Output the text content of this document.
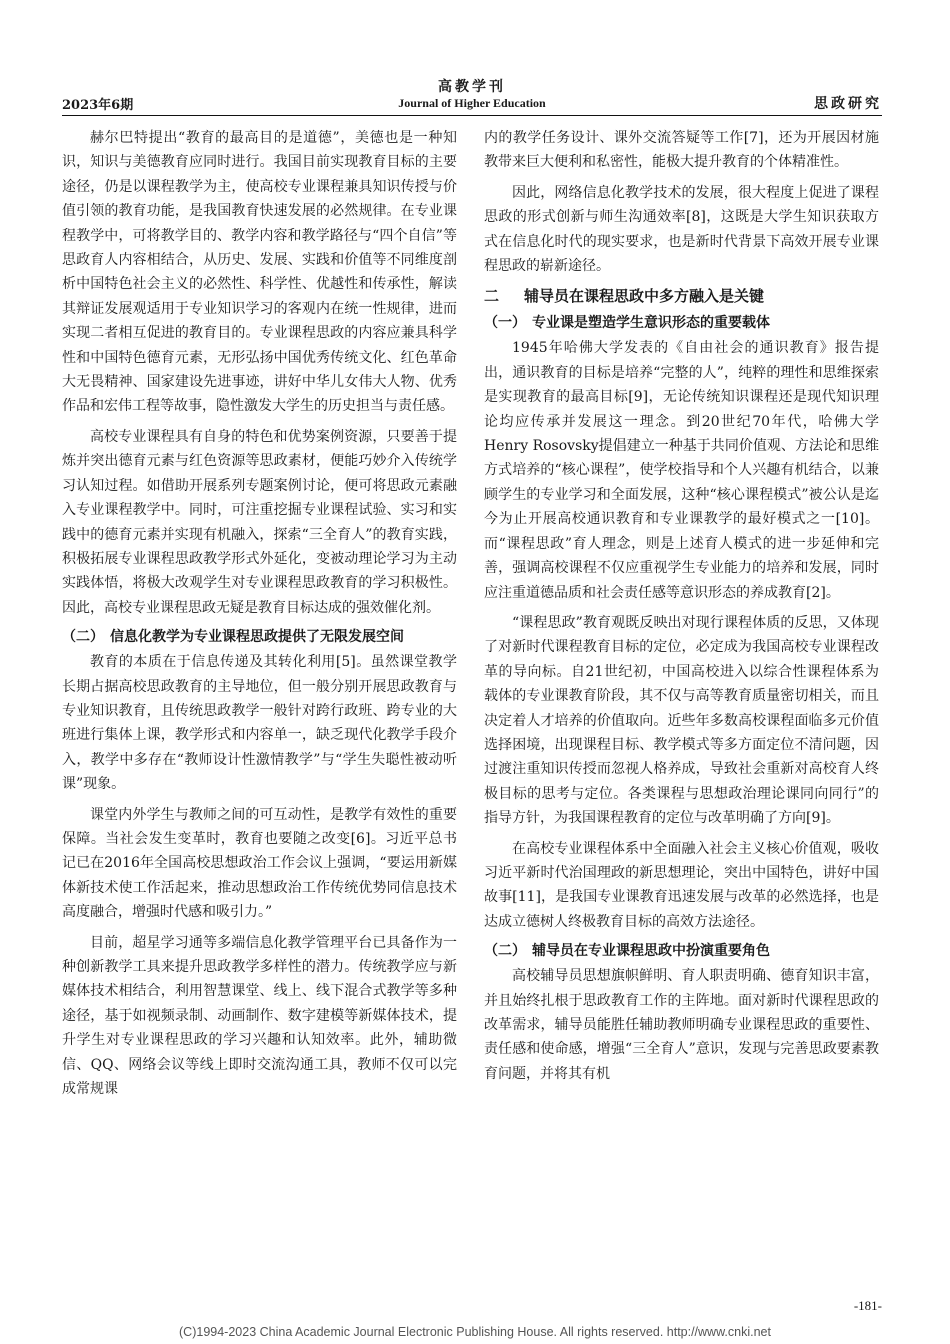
高教学刊
2023年6期	Journal of Higher Education	思政研究

赫尔巴特提出“教育的最高目的是道德”，美德也是一种知识，知识与美德教育应同时进行。我国目前实现教育目标的主要途径，仍是以课程教学为主，使高校专业课程兼具知识传授与价值引领的教育功能，是我国教育快速发展的必然规律。在专业课程教学中，可将教学目的、教学内容和教学路径与“四个自信”等思政育人内容相结合，从历史、发展、实践和价值等不同维度剖析中国特色社会主义的必然性、科学性、优越性和传承性，解读其辩证发展观适用于专业知识学习的客观内在统一性规律，进而实现二者相互促进的教育目的。专业课程思政的内容应兼具科学性和中国特色德育元素，无形弘扬中国优秀传统文化、红色革命大无畏精神、国家建设先进事迹，讲好中华儿女伟大人物、优秀作品和宏伟工程等故事，隐性激发大学生的历史担当与责任感。

高校专业课程具有自身的特色和优势案例资源，只要善于提炼并突出德育元素与红色资源等思政素材，便能巧妙介入传统学习认知过程。如借助开展系列专题案例讨论，便可将思政元素融入专业课程教学中。同时，可注重挖掘专业课程试验、实习和实践中的德育元素并实现有机融入，探索“三全育人”的教育实践，积极拓展专业课程思政教学形式外延化，变被动理论学习为主动实践体悟，将极大改观学生对专业课程思政教育的学习积极性。因此，高校专业课程思政无疑是教育目标达成的强效催化剂。

（二） 信息化教学为专业课程思政提供了无限发展空间

教育的本质在于信息传递及其转化利用[5]。虽然课堂教学长期占据高校思政教育的主导地位，但一般分别开展思政教育与专业知识教育，且传统思政教学一般针对跨行政班、跨专业的大班进行集体上课，教学形式和内容单一，缺乏现代化教学手段介入，教学中多存在“教师设计性激情教学”与“学生失聪性被动听课”现象。

课堂内外学生与教师之间的可互动性，是教学有效性的重要保障。当社会发生变革时，教育也要随之改变[6]。习近平总书记已在2016年全国高校思想政治工作会议上强调，“要运用新媒体新技术使工作活起来，推动思想政治工作传统优势同信息技术高度融合，增强时代感和吸引力。”

目前，超星学习通等多端信息化教学管理平台已具备作为一种创新教学工具来提升思政教学多样性的潜力。传统教学应与新媒体技术相结合，利用智慧课堂、线上、线下混合式教学等多种途径，基于如视频录制、动画制作、数字建模等新媒体技术，提升学生对专业课程思政的学习兴趣和认知效率。此外，辅助微信、QQ、网络会议等线上即时交流沟通工具，教师不仅可以完成常规课

内的教学任务设计、课外交流答疑等工作[7]，还为开展因材施教带来巨大便利和私密性，能极大提升教育的个体精准性。

因此，网络信息化教学技术的发展，很大程度上促进了课程思政的形式创新与师生沟通效率[8]，这既是大学生知识获取方式在信息化时代的现实要求，也是新时代背景下高效开展专业课程思政的崭新途径。

二 辅导员在课程思政中多方融入是关键
（一） 专业课是塑造学生意识形态的重要载体

1945年哈佛大学发表的《自由社会的通识教育》报告提出，通识教育的目标是培养“完整的人”，纯粹的理性和思维探索是实现教育的最高目标[9]，无论传统知识课程还是现代知识理论均应传承并发展这一理念。到20世纪70年代，哈佛大学Henry Rosovsky提倡建立一种基于共同价值观、方法论和思维方式培养的“核心课程”，使学校指导和个人兴趣有机结合，以兼顾学生的专业学习和全面发展，这种“核心课程模式”被公认是迄今为止开展高校通识教育和专业课教学的最好模式之一[10]。而“课程思政”育人理念，则是上述育人模式的进一步延伸和完善，强调高校课程不仅应重视学生专业能力的培养和发展，同时应注重道德品质和社会责任感等意识形态的养成教育[2]。

“课程思政”教育观既反映出对现行课程体质的反思，又体现了对新时代课程教育目标的定位，必定成为我国高校专业课程改革的导向标。自21世纪初，中国高校进入以综合性课程体系为载体的专业课教育阶段，其不仅与高等教育质量密切相关，而且决定着人才培养的价值取向。近些年多数高校课程面临多元价值选择困境，出现课程目标、教学模式等多方面定位不清问题，因过渡注重知识传授而忽视人格养成，导致社会重新对高校育人终极目标的思考与定位。各类课程与思想政治理论课同向同行”的指导方针，为我国课程教育的定位与改革明确了方向[9]。

在高校专业课程体系中全面融入社会主义核心价值观，吸收习近平新时代治国理政的新思想理论，突出中国特色，讲好中国故事[11]，是我国专业课教育迅速发展与改革的必然选择，也是达成立德树人终极教育目标的高效方法途径。

（二） 辅导员在专业课程思政中扮演重要角色

高校辅导员思想旗帜鲜明、育人职责明确、德育知识丰富，并且始终扎根于思政教育工作的主阵地。面对新时代课程思政的改革需求，辅导员能胜任辅助教师明确专业课程思政的重要性、责任感和使命感，增强“三全育人”意识，发现与完善思政要素教育问题，并将其有机

-181-
(C)1994-2023 China Academic Journal Electronic Publishing House. All rights reserved. http://www.cnki.net
